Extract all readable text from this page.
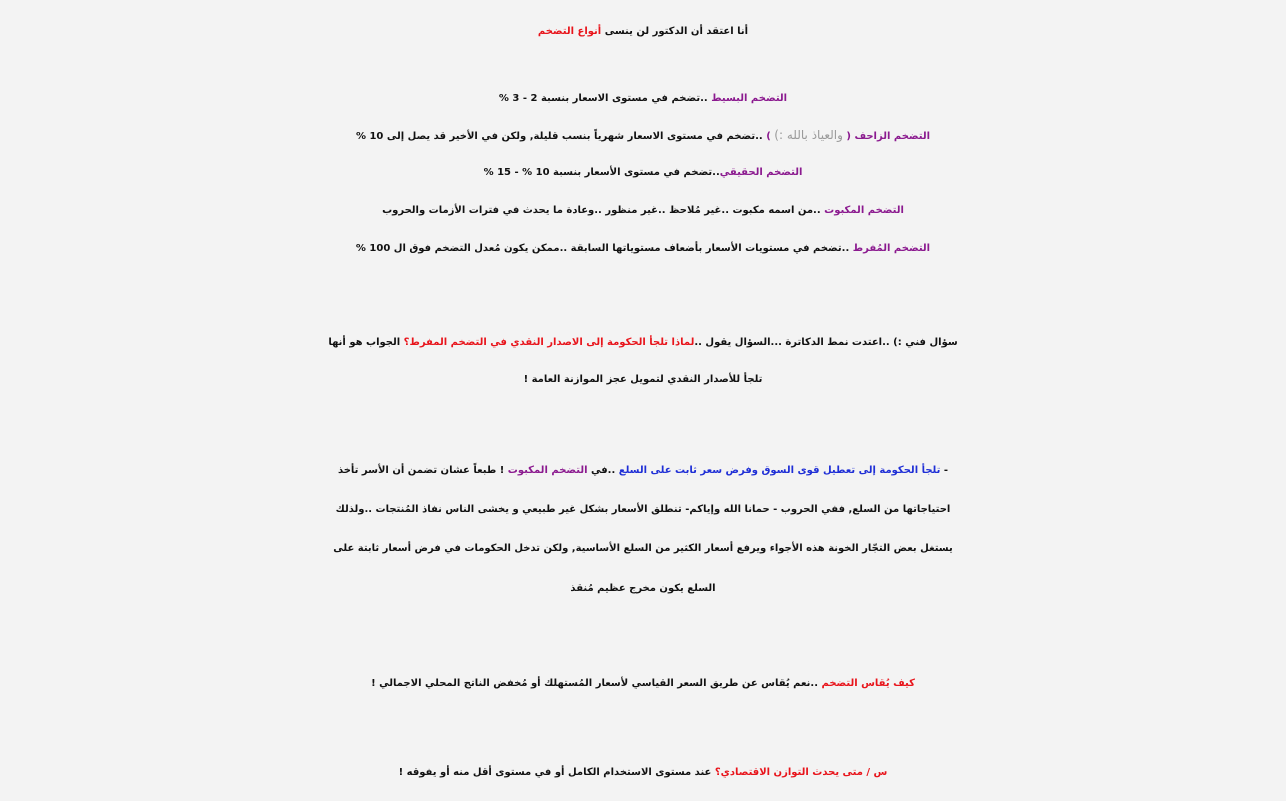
أنا اعتقد أن الدكتور لن ينسى أنواع التضخم
التضخم البسيط ..تضخم في مستوى الاسعار بنسبة 2 - 3 %
التضخم الزاحف ( والعياذ بالله :) ) ..تضخم في مستوى الاسعار شهرياً بنسب قليلة, ولكن في الأخير قد يصل إلى 10 %
التضخم الحقيقي..تضخم في مستوى الأسعار بنسبة 10 % - 15 %
التضخم المكبوت ..من اسمه مكبوت ..غير مُلاحظ ..غير منظور ..وعادة ما يحدث في فترات الأزمات والحروب
التضخم المُفرط ..تضخم في مستويات الأسعار بأضعاف مستوياتها السابقة ..ممكن يكون مُعدل التضخم فوق ال 100 %
سؤال فني :) ..اعتدت نمط الدكاترة ...السؤال يقول ..لماذا تلجأ الحكومة إلى الاصدار النقدي في التضخم المفرط؟ الجواب هو أنها
تلجأ للأصدار النقدي لتمويل عجز الموازنة العامة !
- تلجأ الحكومة إلى تعطيل قوى السوق وفرض سعر ثابت على السلع ..في التضخم المكبوت ! طبعاً عشان تضمن أن الأسر تأخذ
احتياجاتها من السلع, ففي الحروب - حمانا الله وإياكم- تنطلق الأسعار بشكل غير طبيعي و يخشى الناس نفاذ المُنتجات ..ولذلك
يستغل بعض التجّار الخونة هذه الأجواء ويرفع أسعار الكثير من السلع الأساسية, ولكن تدخل الحكومات في فرض أسعار ثابتة على
السلع يكون مخرج عظيم مُنقذ
كيف يُقاس التضخم ..نعم يُقاس عن طريق السعر القياسي لأسعار المُستهلك أو مُخفض الناتج المحلي الاجمالي !
س / متى يحدث التوازن الاقتصادي؟ عند مستوى الاستخدام الكامل أو في مستوى أقل منه أو يفوقه !
